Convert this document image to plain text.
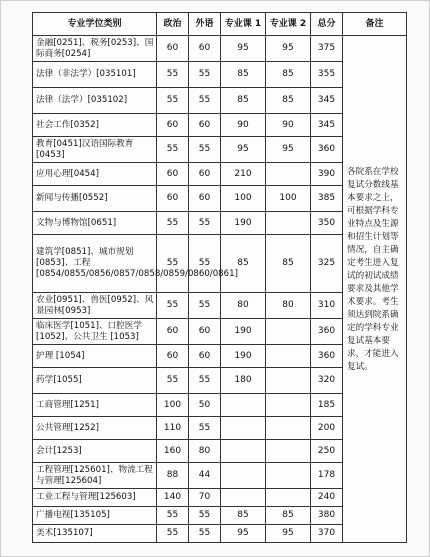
专业学位类别	政治	外语	专业课 1	专业课 2	总分	备注
金融[0251]、税务[0253]、国际商务[0254]	60	60	95	95	375	各院系在学校复试分数线基本要求之上，可根据学科专业特点及生源和招生计划等情况，自主确定考生进入复试的初试成绩要求及其他学术要求。考生须达到院系确定的学科专业复试基本要求，才能进入复试。
法律（非法学）[035101]	55	55	85	85	355	
法律（法学）[035102]	55	55	85	85	345	
社会工作[0352]	60	60	90	90	345	
教育[0451]汉语国际教育[0453]	55	55	95	95	360	
应用心理[0454]	60	60	210		390	
新闻与传播[0552]	60	60	100	100	385	
文物与博物馆[0651]	55	55	190		350	
建筑学[0851]、城市规划[0853]、工程[0854/0855/0856/0857/0858/0859/0860/0861]	55	55	85	85	325	
农业[0951]、兽医[0952]、风景园林[0953]	55	55	80	80	310	
临床医学[1051]、口腔医学[1052]、公共卫生 [1053]	60	60	190		360	
护理 [1054]	60	60	190		360	
药学[1055]	55	55	180		320	
工商管理[1251]	100	50			185	
公共管理[1252]	110	55			200	
会计[1253]	160	80			250	
工程管理[125601]、物流工程与管理[125604]	88	44			178	
工业工程与管理[125603]	140	70			240	
广播电视[135105]	55	55	85	85	380	
美术[135107]	55	55	95	95	370	
